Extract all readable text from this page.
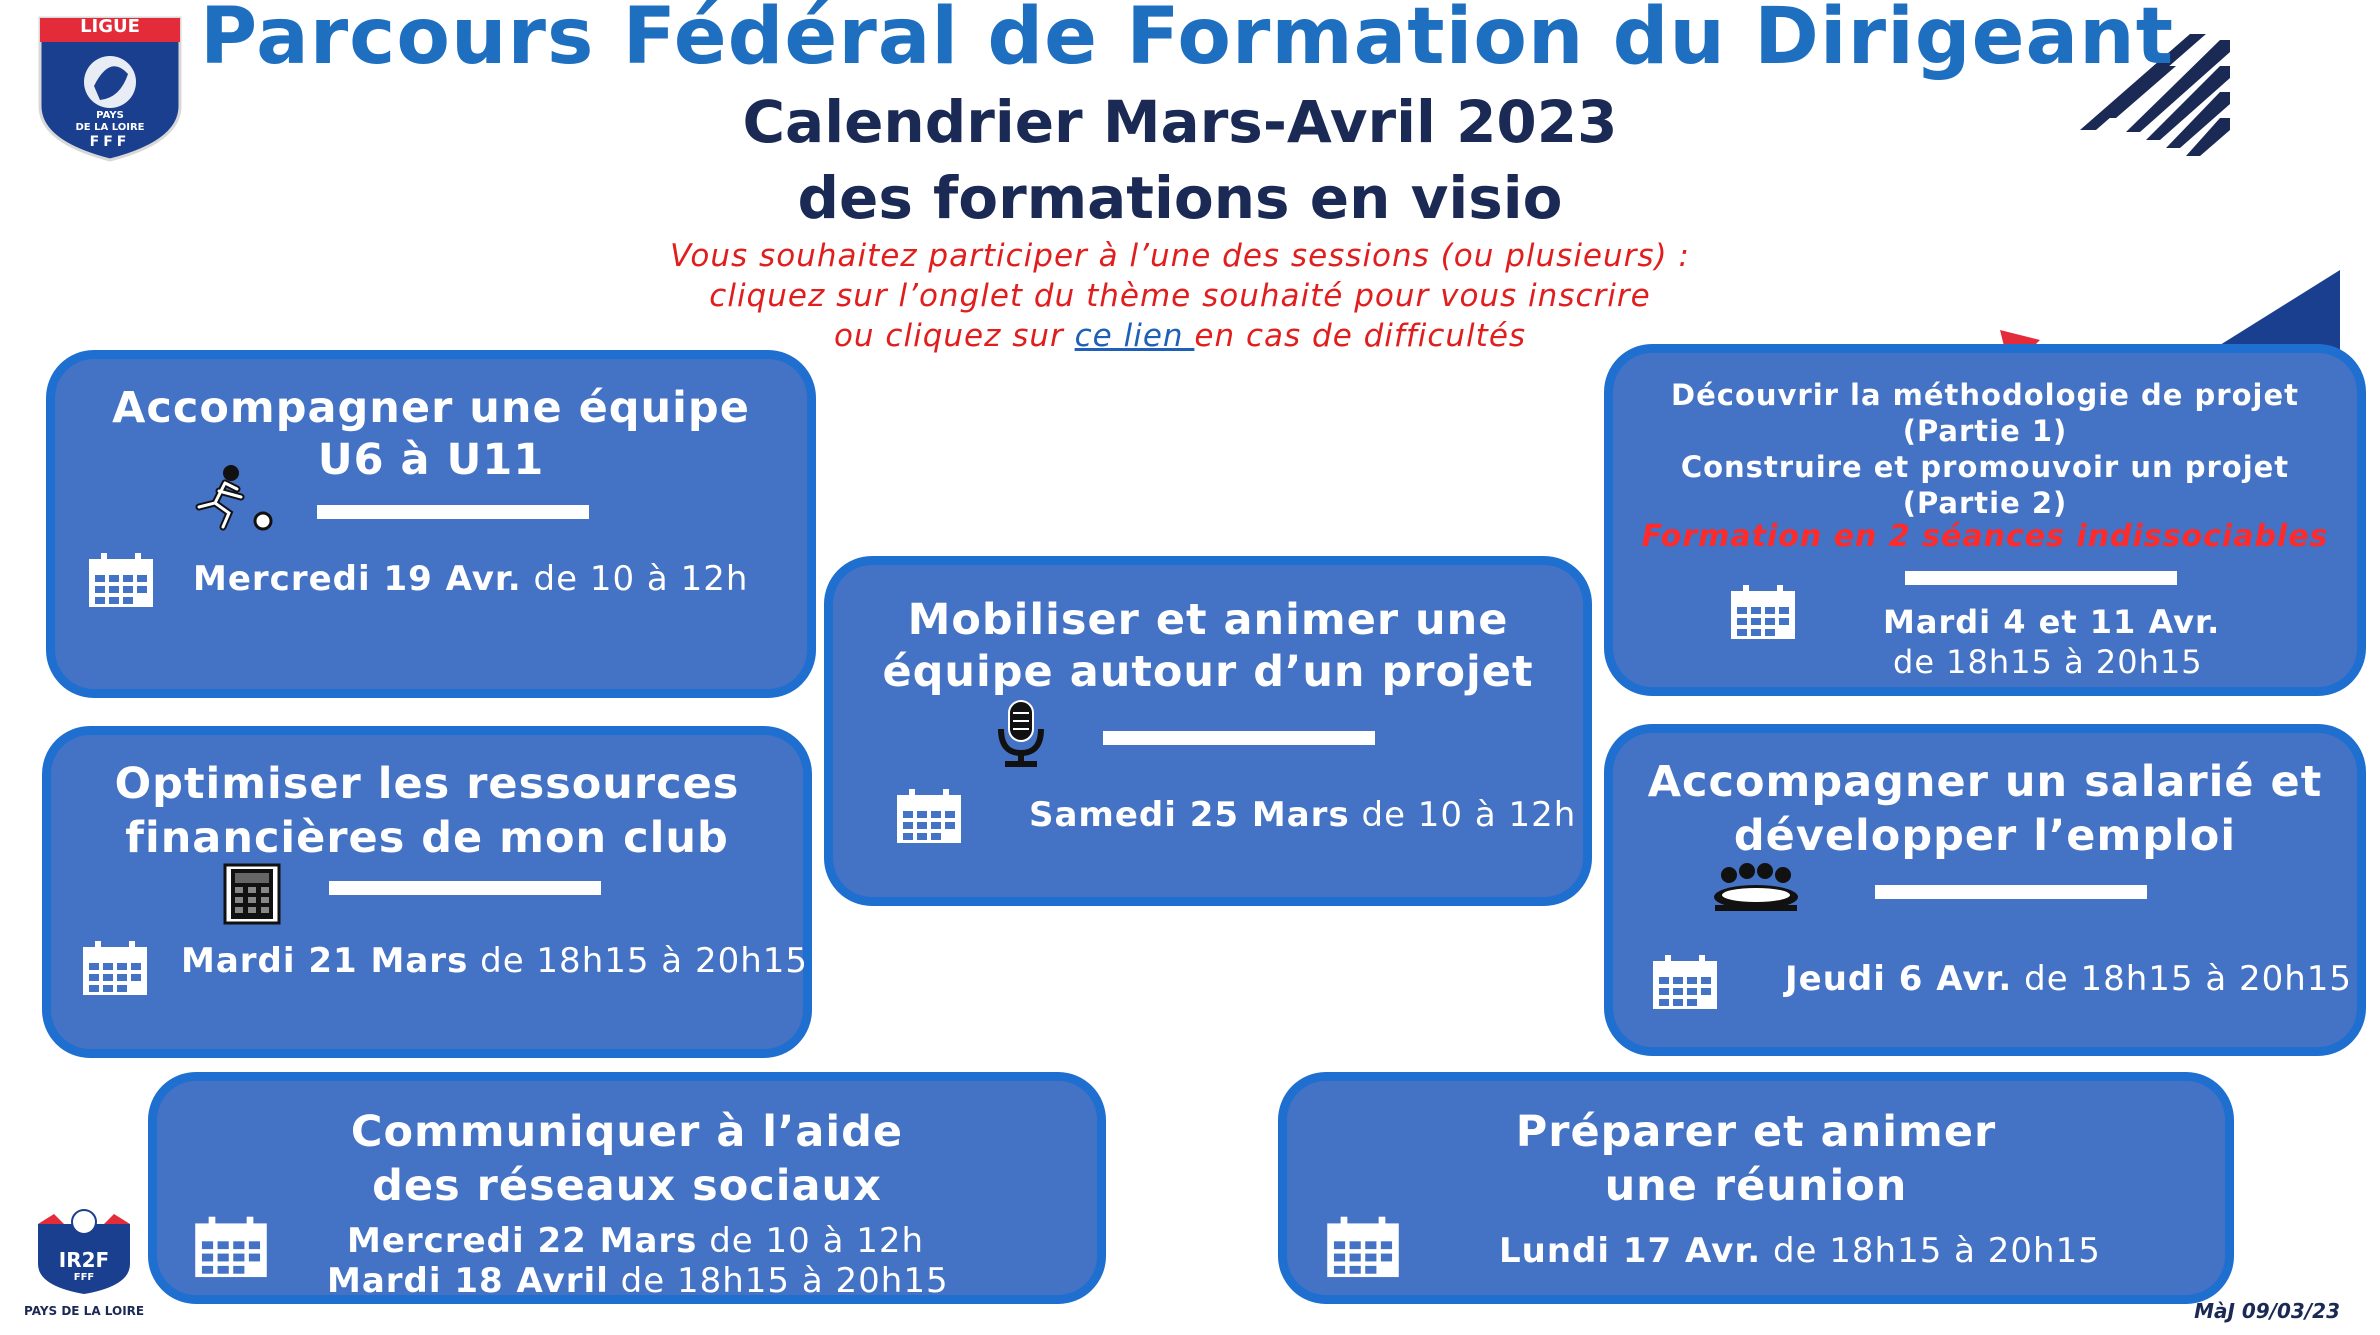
LIGUE
PAYS
DE LA LOIRE
FFF
Parcours Fédéral de Formation du Dirigeant
Calendrier Mars-Avril 2023
des formations en visio
Vous souhaitez participer à l’une des sessions (ou plusieurs) :
cliquez sur l’onglet du thème souhaité pour vous inscrire
ou cliquez sur ce lien en cas de difficultés
Accompagner une équipe
U6 à U11
Mercredi 19 Avr. de 10 à 12h
Optimiser les ressources
financières de mon club
Mardi 21 Mars de 18h15 à 20h15
Mobiliser et animer une
équipe autour d’un projet
Samedi 25 Mars de 10 à 12h
Découvrir la méthodologie de projet
(Partie 1)
Construire et promouvoir un projet
(Partie 2)
Formation en 2 séances indissociables
Mardi 4 et 11 Avr.
de 18h15 à 20h15
Accompagner un salarié et
développer l’emploi
Jeudi 6 Avr. de 18h15 à 20h15
Communiquer à l’aide
des réseaux sociaux
Mercredi 22 Mars de 10 à 12h
Mardi 18 Avril de 18h15 à 20h15
Préparer et animer
une réunion
Lundi 17 Avr. de 18h15 à 20h15
IR2F
FFF
PAYS DE LA LOIRE	MàJ 09/03/23
